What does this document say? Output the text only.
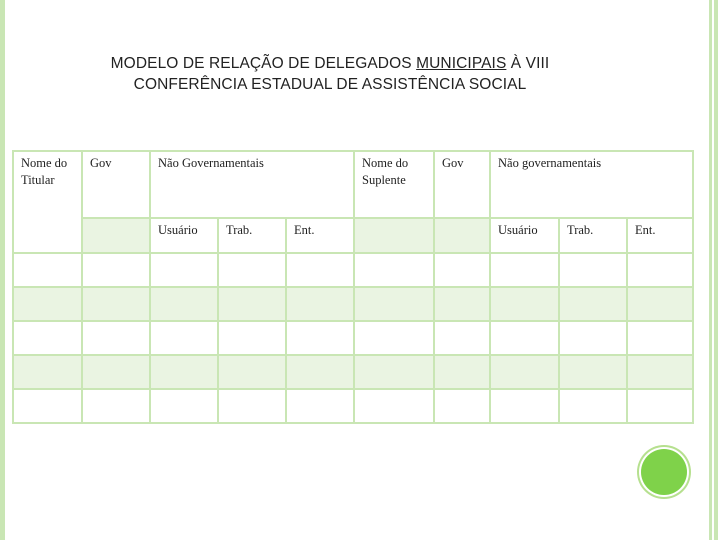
MODELO DE RELAÇÃO DE DELEGADOS MUNICIPAIS À VIII
CONFERÊNCIA ESTADUAL DE ASSISTÊNCIA SOCIAL
Nome do Titular	Gov	Não Governamentais			Nome do Suplente	Gov	Não governamentais		
		Usuário	Trab.	Ent.			Usuário	Trab.	Ent.
